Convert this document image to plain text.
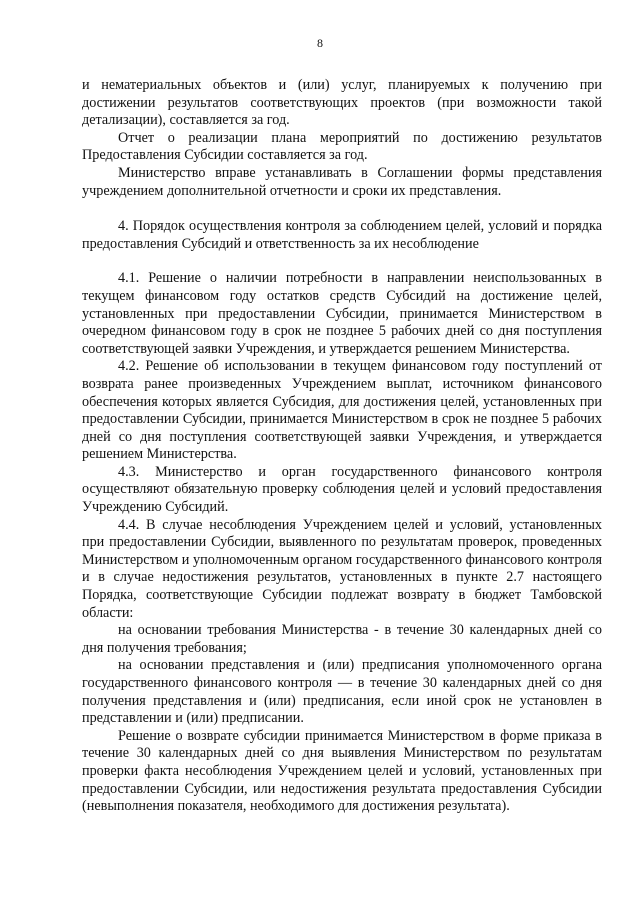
8

и нематериальных объектов и (или) услуг, планируемых к получению при достижении результатов соответствующих проектов (при возможности такой детализации), составляется за год.

Отчет о реализации плана мероприятий по достижению результатов Предоставления Субсидии составляется за год.

Министерство вправе устанавливать в Соглашении формы представления учреждением дополнительной отчетности и сроки их представления.

4. Порядок осуществления контроля за соблюдением целей, условий и порядка предоставления Субсидий и ответственность за их несоблюдение

4.1. Решение о наличии потребности в направлении неиспользованных в текущем финансовом году остатков средств Субсидий на достижение целей, установленных при предоставлении Субсидии, принимается Министерством в очередном финансовом году в срок не позднее 5 рабочих дней со дня поступления соответствующей заявки Учреждения, и утверждается решением Министерства.

4.2. Решение об использовании в текущем финансовом году поступлений от возврата ранее произведенных Учреждением выплат, источником финансового обеспечения которых является Субсидия, для достижения целей, установленных при предоставлении Субсидии, принимается Министерством в срок не позднее 5 рабочих дней со дня поступления соответствующей заявки Учреждения, и утверждается решением Министерства.

4.3. Министерство и орган государственного финансового контроля осуществляют обязательную проверку соблюдения целей и условий предоставления Учреждению Субсидий.

4.4. В случае несоблюдения Учреждением целей и условий, установленных при предоставлении Субсидии, выявленного по результатам проверок, проведенных Министерством и уполномоченным органом государственного финансового контроля и в случае недостижения результатов, установленных в пункте 2.7 настоящего Порядка, соответствующие Субсидии подлежат возврату в бюджет Тамбовской области:

на основании требования Министерства - в течение 30 календарных дней со дня получения требования;

на основании представления и (или) предписания уполномоченного органа государственного финансового контроля — в течение 30 календарных дней со дня получения представления и (или) предписания, если иной срок не установлен в представлении и (или) предписании.

Решение о возврате субсидии принимается Министерством в форме приказа в течение 30 календарных дней со дня выявления Министерством по результатам проверки факта несоблюдения Учреждением целей и условий, установленных при предоставлении Субсидии, или недостижения результата предоставления Субсидии (невыполнения показателя, необходимого для достижения результата).
